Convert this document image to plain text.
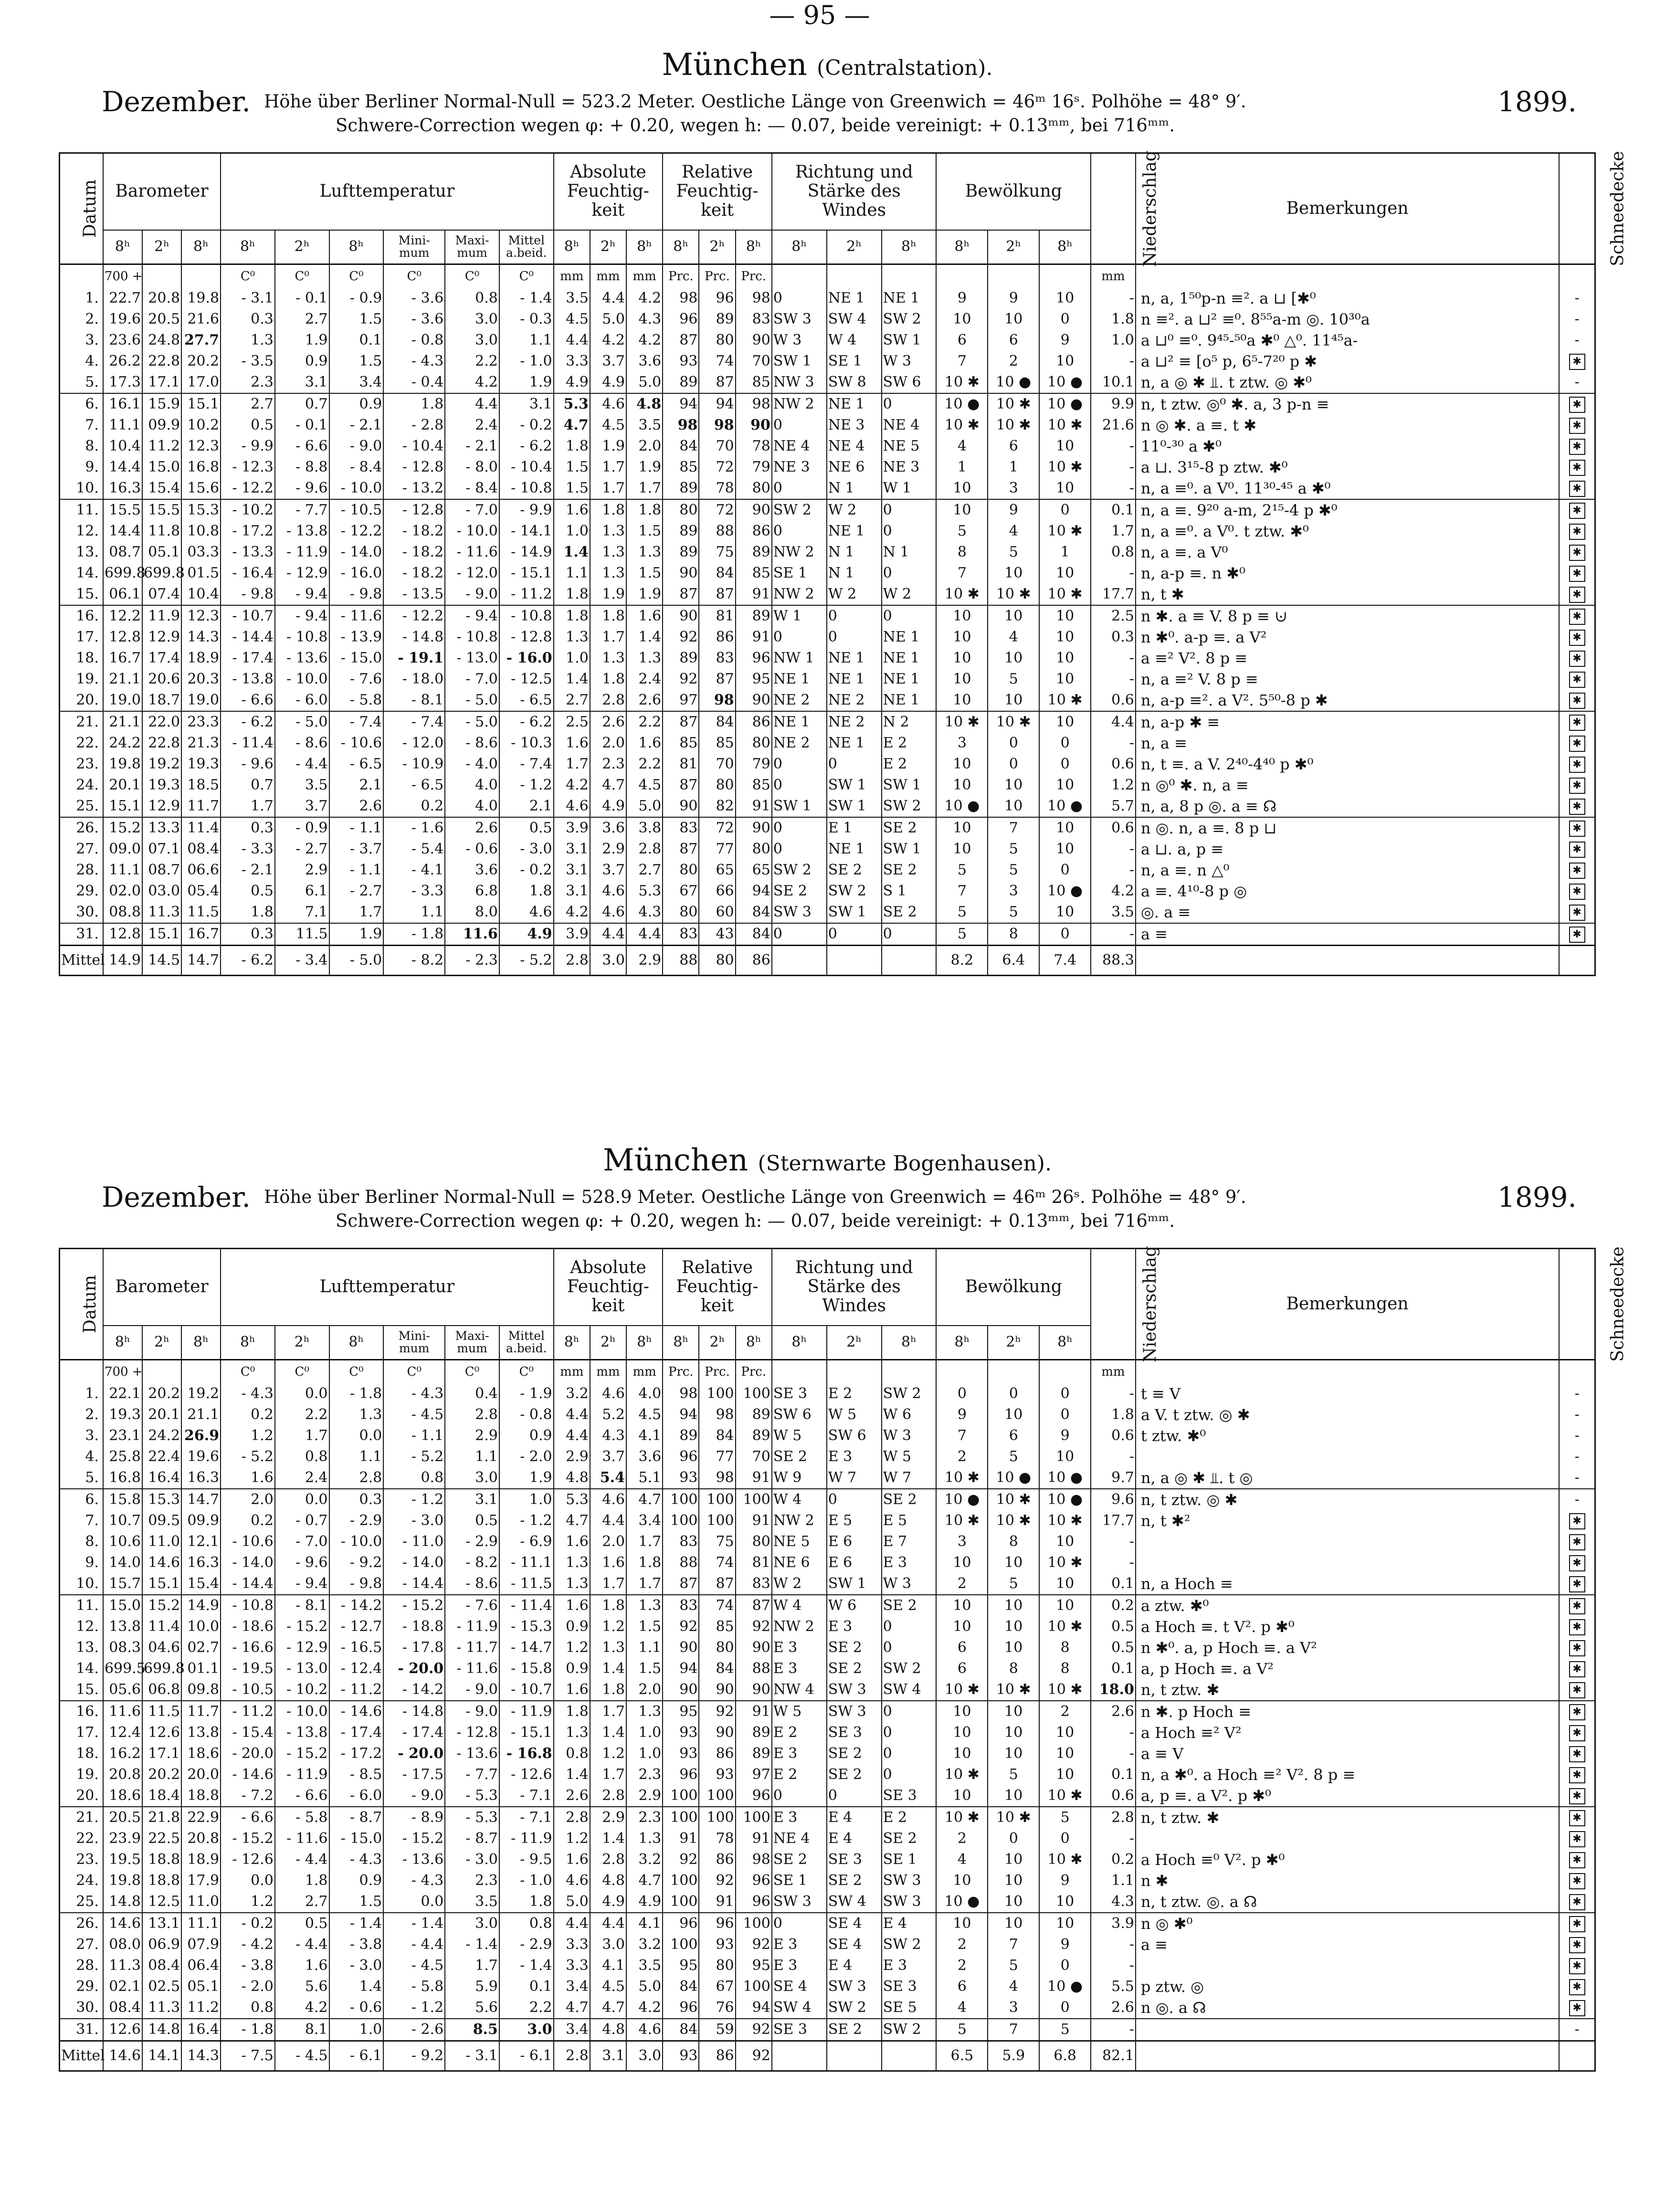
— 95 —
München (Centralstation).
Dezember. Höhe über Berliner Normal-Null = 523.2 Meter. Oestliche Länge von Greenwich = 46ᵐ 16ˢ. Polhöhe = 48° 9′.
Schwere-Correction wegen φ: + 0.20, wegen h: — 0.07, beide vereinigt: + 0.13ᵐᵐ, bei 716ᵐᵐ.
1899.
Datum	Barometer			Lufttemperatur						Absolute Feuchtig- keit			Relative Feuchtig- keit			Richtung und Stärke des Windes			Bewölkung			Niederschlag	Bemerkungen	Schneedecke
	8ʰ	2ʰ	8ʰ	8ʰ	2ʰ	8ʰ	Mini- mum	Maxi- mum	Mittel a.beid.	8ʰ	2ʰ	8ʰ	8ʰ	2ʰ	8ʰ	8ʰ	2ʰ	8ʰ	8ʰ	2ʰ	8ʰ			
	700 +			C⁰	C⁰	C⁰	C⁰	C⁰	C⁰	mm	mm	mm	Prc.	Prc.	Prc.							mm		
1.	22.7	20.8	19.8	- 3.1	- 0.1	- 0.9	- 3.6	0.8	- 1.4	3.5	4.4	4.2	98	96	98	0	NE 1	NE 1	9	9	10	-	n, a, 1⁵⁰p-n ≡². a ⊔ [✱⁰	-
2.	19.6	20.5	21.6	0.3	2.7	1.5	- 3.6	3.0	- 0.3	4.5	5.0	4.3	96	89	83	SW 3	SW 4	SW 2	10	10	0	1.8	n ≡². a ⊔² ≡⁰. 8⁵⁵a-m ◎. 10³⁰a	-
3.	23.6	24.8	27.7	1.3	1.9	0.1	- 0.8	3.0	1.1	4.4	4.2	4.2	87	80	90	W 3	W 4	SW 1	6	6	9	1.0	a ⊔⁰ ≡⁰. 9⁴⁵-⁵⁰a ✱⁰ △⁰. 11⁴⁵a-	-
4.	26.2	22.8	20.2	- 3.5	0.9	1.5	- 4.3	2.2	- 1.0	3.3	3.7	3.6	93	74	70	SW 1	SE 1	W 3	7	2	10	-	a ⊔² ≡ [o⁵ p, 6⁵-7²⁰ p ✱	✱
5.	17.3	17.1	17.0	2.3	3.1	3.4	- 0.4	4.2	1.9	4.9	4.9	5.0	89	87	85	NW 3	SW 8	SW 6	10 ✱	10 ●	10 ●	10.1	n, a ◎ ✱ ⫫. t ztw. ◎ ✱⁰	-
6.	16.1	15.9	15.1	2.7	0.7	0.9	1.8	4.4	3.1	5.3	4.6	4.8	94	94	98	NW 2	NE 1	0	10 ●	10 ✱	10 ●	9.9	n, t ztw. ◎⁰ ✱. a, 3 p-n ≡	✱
7.	11.1	09.9	10.2	0.5	- 0.1	- 2.1	- 2.8	2.4	- 0.2	4.7	4.5	3.5	98	98	90	0	NE 3	NE 4	10 ✱	10 ✱	10 ✱	21.6	n ◎ ✱. a ≡. t ✱	✱
8.	10.4	11.2	12.3	- 9.9	- 6.6	- 9.0	- 10.4	- 2.1	- 6.2	1.8	1.9	2.0	84	70	78	NE 4	NE 4	NE 5	4	6	10	-	11⁰-³⁰ a ✱⁰	✱
9.	14.4	15.0	16.8	- 12.3	- 8.8	- 8.4	- 12.8	- 8.0	- 10.4	1.5	1.7	1.9	85	72	79	NE 3	NE 6	NE 3	1	1	10 ✱	-	a ⊔. 3¹⁵-8 p ztw. ✱⁰	✱
10.	16.3	15.4	15.6	- 12.2	- 9.6	- 10.0	- 13.2	- 8.4	- 10.8	1.5	1.7	1.7	89	78	80	0	N 1	W 1	10	3	10	-	n, a ≡⁰. a V⁰. 11³⁰-⁴⁵ a ✱⁰	✱
11.	15.5	15.5	15.3	- 10.2	- 7.7	- 10.5	- 12.8	- 7.0	- 9.9	1.6	1.8	1.8	80	72	90	SW 2	W 2	0	10	9	0	0.1	n, a ≡. 9²⁰ a-m, 2¹⁵-4 p ✱⁰	✱
12.	14.4	11.8	10.8	- 17.2	- 13.8	- 12.2	- 18.2	- 10.0	- 14.1	1.0	1.3	1.5	89	88	86	0	NE 1	0	5	4	10 ✱	1.7	n, a ≡⁰. a V⁰. t ztw. ✱⁰	✱
13.	08.7	05.1	03.3	- 13.3	- 11.9	- 14.0	- 18.2	- 11.6	- 14.9	1.4	1.3	1.3	89	75	89	NW 2	N 1	N 1	8	5	1	0.8	n, a ≡. a V⁰	✱
14.	699.8	699.8	01.5	- 16.4	- 12.9	- 16.0	- 18.2	- 12.0	- 15.1	1.1	1.3	1.5	90	84	85	SE 1	N 1	0	7	10	10	-	n, a-p ≡. n ✱⁰	✱
15.	06.1	07.4	10.4	- 9.8	- 9.4	- 9.8	- 13.5	- 9.0	- 11.2	1.8	1.9	1.9	87	87	91	NW 2	W 2	W 2	10 ✱	10 ✱	10 ✱	17.7	n, t ✱	✱
16.	12.2	11.9	12.3	- 10.7	- 9.4	- 11.6	- 12.2	- 9.4	- 10.8	1.8	1.8	1.6	90	81	89	W 1	0	0	10	10	10	2.5	n ✱. a ≡ V. 8 p ≡ ⊍	✱
17.	12.8	12.9	14.3	- 14.4	- 10.8	- 13.9	- 14.8	- 10.8	- 12.8	1.3	1.7	1.4	92	86	91	0	0	NE 1	10	4	10	0.3	n ✱⁰. a-p ≡. a V²	✱
18.	16.7	17.4	18.9	- 17.4	- 13.6	- 15.0	- 19.1	- 13.0	- 16.0	1.0	1.3	1.3	89	83	96	NW 1	NE 1	NE 1	10	10	10	-	a ≡² V². 8 p ≡	✱
19.	21.1	20.6	20.3	- 13.8	- 10.0	- 7.6	- 18.0	- 7.0	- 12.5	1.4	1.8	2.4	92	87	95	NE 1	NE 1	NE 1	10	5	10	-	n, a ≡² V. 8 p ≡	✱
20.	19.0	18.7	19.0	- 6.6	- 6.0	- 5.8	- 8.1	- 5.0	- 6.5	2.7	2.8	2.6	97	98	90	NE 2	NE 2	NE 1	10	10	10 ✱	0.6	n, a-p ≡². a V². 5⁵⁰-8 p ✱	✱
21.	21.1	22.0	23.3	- 6.2	- 5.0	- 7.4	- 7.4	- 5.0	- 6.2	2.5	2.6	2.2	87	84	86	NE 1	NE 2	N 2	10 ✱	10 ✱	10	4.4	n, a-p ✱ ≡	✱
22.	24.2	22.8	21.3	- 11.4	- 8.6	- 10.6	- 12.0	- 8.6	- 10.3	1.6	2.0	1.6	85	85	80	NE 2	NE 1	E 2	3	0	0	-	n, a ≡	✱
23.	19.8	19.2	19.3	- 9.6	- 4.4	- 6.5	- 10.9	- 4.0	- 7.4	1.7	2.3	2.2	81	70	79	0	0	E 2	10	0	0	0.6	n, t ≡. a V. 2⁴⁰-4⁴⁰ p ✱⁰	✱
24.	20.1	19.3	18.5	0.7	3.5	2.1	- 6.5	4.0	- 1.2	4.2	4.7	4.5	87	80	85	0	SW 1	SW 1	10	10	10	1.2	n ◎⁰ ✱. n, a ≡	✱
25.	15.1	12.9	11.7	1.7	3.7	2.6	0.2	4.0	2.1	4.6	4.9	5.0	90	82	91	SW 1	SW 1	SW 2	10 ●	10	10 ●	5.7	n, a, 8 p ◎. a ≡ ☊	✱
26.	15.2	13.3	11.4	0.3	- 0.9	- 1.1	- 1.6	2.6	0.5	3.9	3.6	3.8	83	72	90	0	E 1	SE 2	10	7	10	0.6	n ◎. n, a ≡. 8 p ⊔	✱
27.	09.0	07.1	08.4	- 3.3	- 2.7	- 3.7	- 5.4	- 0.6	- 3.0	3.1	2.9	2.8	87	77	80	0	NE 1	SW 1	10	5	10	-	a ⊔. a, p ≡	✱
28.	11.1	08.7	06.6	- 2.1	2.9	- 1.1	- 4.1	3.6	- 0.2	3.1	3.7	2.7	80	65	65	SW 2	SE 2	SE 2	5	5	0	-	n, a ≡. n △⁰	✱
29.	02.0	03.0	05.4	0.5	6.1	- 2.7	- 3.3	6.8	1.8	3.1	4.6	5.3	67	66	94	SE 2	SW 2	S 1	7	3	10 ●	4.2	a ≡. 4¹⁰-8 p ◎	✱
30.	08.8	11.3	11.5	1.8	7.1	1.7	1.1	8.0	4.6	4.2	4.6	4.3	80	60	84	SW 3	SW 1	SE 2	5	5	10	3.5	◎. a ≡	✱
31.	12.8	15.1	16.7	0.3	11.5	1.9	- 1.8	11.6	4.9	3.9	4.4	4.4	83	43	84	0	0	0	5	8	0	-	a ≡	✱
Mittel	14.9	14.5	14.7	- 6.2	- 3.4	- 5.0	- 8.2	- 2.3	- 5.2	2.8	3.0	2.9	88	80	86				8.2	6.4	7.4	88.3		
München (Sternwarte Bogenhausen).
Dezember. Höhe über Berliner Normal-Null = 528.9 Meter. Oestliche Länge von Greenwich = 46ᵐ 26ˢ. Polhöhe = 48° 9′.
Schwere-Correction wegen φ: + 0.20, wegen h: — 0.07, beide vereinigt: + 0.13ᵐᵐ, bei 716ᵐᵐ.
1899.
Datum	Barometer			Lufttemperatur						Absolute Feuchtig- keit			Relative Feuchtig- keit			Richtung und Stärke des Windes			Bewölkung			Niederschlag	Bemerkungen	Schneedecke
	8ʰ	2ʰ	8ʰ	8ʰ	2ʰ	8ʰ	Mini- mum	Maxi- mum	Mittel a.beid.	8ʰ	2ʰ	8ʰ	8ʰ	2ʰ	8ʰ	8ʰ	2ʰ	8ʰ	8ʰ	2ʰ	8ʰ			
	700 +			C⁰	C⁰	C⁰	C⁰	C⁰	C⁰	mm	mm	mm	Prc.	Prc.	Prc.							mm		
1.	22.1	20.2	19.2	- 4.3	0.0	- 1.8	- 4.3	0.4	- 1.9	3.2	4.6	4.0	98	100	100	SE 3	E 2	SW 2	0	0	0	-	t ≡ V	-
2.	19.3	20.1	21.1	0.2	2.2	1.3	- 4.5	2.8	- 0.8	4.4	5.2	4.5	94	98	89	SW 6	W 5	W 6	9	10	0	1.8	a V. t ztw. ◎ ✱	-
3.	23.1	24.2	26.9	1.2	1.7	0.0	- 1.1	2.9	0.9	4.4	4.3	4.1	89	84	89	W 5	SW 6	W 3	7	6	9	0.6	t ztw. ✱⁰	-
4.	25.8	22.4	19.6	- 5.2	0.8	1.1	- 5.2	1.1	- 2.0	2.9	3.7	3.6	96	77	70	SE 2	E 3	W 5	2	5	10	-		-
5.	16.8	16.4	16.3	1.6	2.4	2.8	0.8	3.0	1.9	4.8	5.4	5.1	93	98	91	W 9	W 7	W 7	10 ✱	10 ●	10 ●	9.7	n, a ◎ ✱ ⫫. t ◎	-
6.	15.8	15.3	14.7	2.0	0.0	0.3	- 1.2	3.1	1.0	5.3	4.6	4.7	100	100	100	W 4	0	SE 2	10 ●	10 ✱	10 ●	9.6	n, t ztw. ◎ ✱	-
7.	10.7	09.5	09.9	0.2	- 0.7	- 2.9	- 3.0	0.5	- 1.2	4.7	4.4	3.4	100	100	91	NW 2	E 5	E 5	10 ✱	10 ✱	10 ✱	17.7	n, t ✱²	✱
8.	10.6	11.0	12.1	- 10.6	- 7.0	- 10.0	- 11.0	- 2.9	- 6.9	1.6	2.0	1.7	83	75	80	NE 5	E 6	E 7	3	8	10	-		✱
9.	14.0	14.6	16.3	- 14.0	- 9.6	- 9.2	- 14.0	- 8.2	- 11.1	1.3	1.6	1.8	88	74	81	NE 6	E 6	E 3	10	10	10 ✱	-		✱
10.	15.7	15.1	15.4	- 14.4	- 9.4	- 9.8	- 14.4	- 8.6	- 11.5	1.3	1.7	1.7	87	87	83	W 2	SW 1	W 3	2	5	10	0.1	n, a Hoch ≡	✱
11.	15.0	15.2	14.9	- 10.8	- 8.1	- 14.2	- 15.2	- 7.6	- 11.4	1.6	1.8	1.3	83	74	87	W 4	W 6	SE 2	10	10	10	0.2	a ztw. ✱⁰	✱
12.	13.8	11.4	10.0	- 18.6	- 15.2	- 12.7	- 18.8	- 11.9	- 15.3	0.9	1.2	1.5	92	85	92	NW 2	E 3	0	10	10	10 ✱	0.5	a Hoch ≡. t V². p ✱⁰	✱
13.	08.3	04.6	02.7	- 16.6	- 12.9	- 16.5	- 17.8	- 11.7	- 14.7	1.2	1.3	1.1	90	80	90	E 3	SE 2	0	6	10	8	0.5	n ✱⁰. a, p Hoch ≡. a V²	✱
14.	699.5	699.8	01.1	- 19.5	- 13.0	- 12.4	- 20.0	- 11.6	- 15.8	0.9	1.4	1.5	94	84	88	E 3	SE 2	SW 2	6	8	8	0.1	a, p Hoch ≡. a V²	✱
15.	05.6	06.8	09.8	- 10.5	- 10.2	- 11.2	- 14.2	- 9.0	- 10.7	1.6	1.8	2.0	90	90	90	NW 4	SW 3	SW 4	10 ✱	10 ✱	10 ✱	18.0	n, t ztw. ✱	✱
16.	11.6	11.5	11.7	- 11.2	- 10.0	- 14.6	- 14.8	- 9.0	- 11.9	1.8	1.7	1.3	95	92	91	W 5	SW 3	0	10	10	2	2.6	n ✱. p Hoch ≡	✱
17.	12.4	12.6	13.8	- 15.4	- 13.8	- 17.4	- 17.4	- 12.8	- 15.1	1.3	1.4	1.0	93	90	89	E 2	SE 3	0	10	10	10	-	a Hoch ≡² V²	✱
18.	16.2	17.1	18.6	- 20.0	- 15.2	- 17.2	- 20.0	- 13.6	- 16.8	0.8	1.2	1.0	93	86	89	E 3	SE 2	0	10	10	10	-	a ≡ V	✱
19.	20.8	20.2	20.0	- 14.6	- 11.9	- 8.5	- 17.5	- 7.7	- 12.6	1.4	1.7	2.3	96	93	97	E 2	SE 2	0	10 ✱	5	10	0.1	n, a ✱⁰. a Hoch ≡² V². 8 p ≡	✱
20.	18.6	18.4	18.8	- 7.2	- 6.6	- 6.0	- 9.0	- 5.3	- 7.1	2.6	2.8	2.9	100	100	96	0	0	SE 3	10	10	10 ✱	0.6	a, p ≡. a V². p ✱⁰	✱
21.	20.5	21.8	22.9	- 6.6	- 5.8	- 8.7	- 8.9	- 5.3	- 7.1	2.8	2.9	2.3	100	100	100	E 3	E 4	E 2	10 ✱	10 ✱	5	2.8	n, t ztw. ✱	✱
22.	23.9	22.5	20.8	- 15.2	- 11.6	- 15.0	- 15.2	- 8.7	- 11.9	1.2	1.4	1.3	91	78	91	NE 4	E 4	SE 2	2	0	0	-		✱
23.	19.5	18.8	18.9	- 12.6	- 4.4	- 4.3	- 13.6	- 3.0	- 9.5	1.6	2.8	3.2	92	86	98	SE 2	SE 3	SE 1	4	10	10 ✱	0.2	a Hoch ≡⁰ V². p ✱⁰	✱
24.	19.8	18.8	17.9	0.0	1.8	0.9	- 4.3	2.3	- 1.0	4.6	4.8	4.7	100	92	96	SE 1	SE 2	SW 3	10	10	9	1.1	n ✱	✱
25.	14.8	12.5	11.0	1.2	2.7	1.5	0.0	3.5	1.8	5.0	4.9	4.9	100	91	96	SW 3	SW 4	SW 3	10 ●	10	10	4.3	n, t ztw. ◎. a ☊	✱
26.	14.6	13.1	11.1	- 0.2	0.5	- 1.4	- 1.4	3.0	0.8	4.4	4.4	4.1	96	96	100	0	SE 4	E 4	10	10	10	3.9	n ◎ ✱⁰	✱
27.	08.0	06.9	07.9	- 4.2	- 4.4	- 3.8	- 4.4	- 1.4	- 2.9	3.3	3.0	3.2	100	93	92	E 3	SE 4	SW 2	2	7	9	-	a ≡	✱
28.	11.3	08.4	06.4	- 3.8	1.6	- 3.0	- 4.5	1.7	- 1.4	3.3	4.1	3.5	95	80	95	E 3	E 4	E 3	2	5	0	-		✱
29.	02.1	02.5	05.1	- 2.0	5.6	1.4	- 5.8	5.9	0.1	3.4	4.5	5.0	84	67	100	SE 4	SW 3	SE 3	6	4	10 ●	5.5	p ztw. ◎	✱
30.	08.4	11.3	11.2	0.8	4.2	- 0.6	- 1.2	5.6	2.2	4.7	4.7	4.2	96	76	94	SW 4	SW 2	SE 5	4	3	0	2.6	n ◎. a ☊	✱
31.	12.6	14.8	16.4	- 1.8	8.1	1.0	- 2.6	8.5	3.0	3.4	4.8	4.6	84	59	92	SE 3	SE 2	SW 2	5	7	5	-		-
Mittel	14.6	14.1	14.3	- 7.5	- 4.5	- 6.1	- 9.2	- 3.1	- 6.1	2.8	3.1	3.0	93	86	92				6.5	5.9	6.8	82.1		
